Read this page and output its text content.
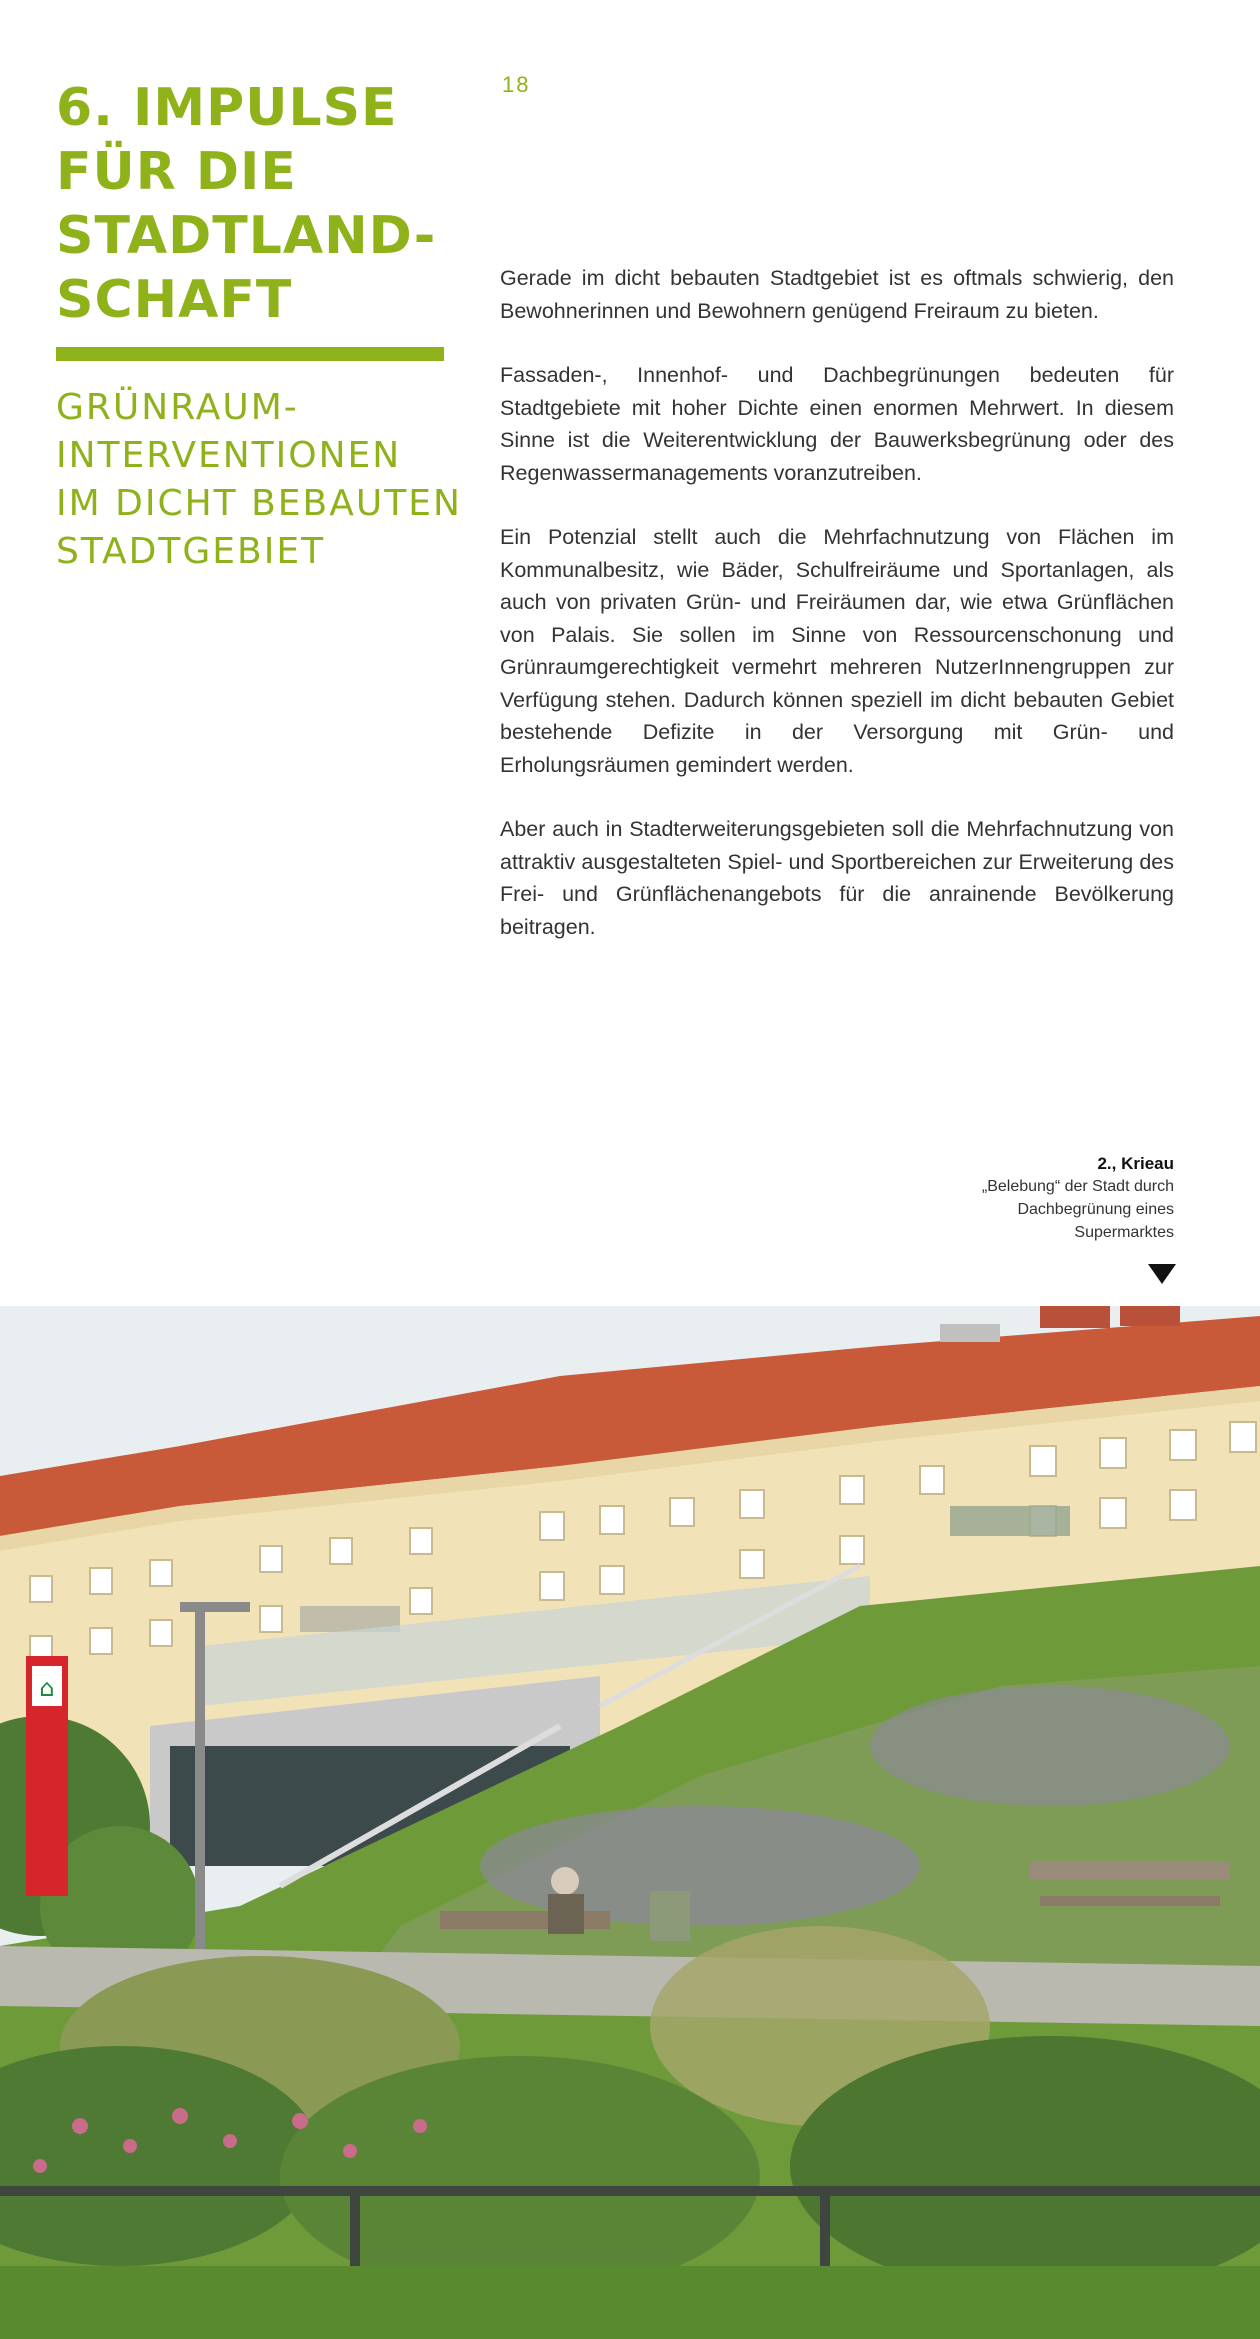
18
6. IMPULSE
FÜR DIE
STADTLAND-
SCHAFT
GRÜNRAUM-
INTERVENTIONEN
IM DICHT BEBAUTEN
STADTGEBIET

Gerade im dicht bebauten Stadtgebiet ist es oftmals schwierig, den Bewohnerinnen und Bewohnern genügend Freiraum zu bieten.

Fassaden-, Innenhof- und Dachbegrünungen bedeuten für Stadtgebiete mit hoher Dichte einen enormen Mehrwert. In diesem Sinne ist die Weiterentwicklung der Bauwerksbegrünung oder des Regenwassermanagements voranzutreiben.

Ein Potenzial stellt auch die Mehrfachnutzung von Flächen im Kommunalbesitz, wie Bäder, Schulfreiräume und Sportanlagen, als auch von privaten Grün- und Freiräumen dar, wie etwa Grünflächen von Palais. Sie sollen im Sinne von Ressourcenschonung und Grünraumgerechtigkeit vermehrt mehreren NutzerInnengruppen zur Verfügung stehen. Dadurch können speziell im dicht bebauten Gebiet bestehende Defizite in der Versorgung mit Grün- und Erholungsräumen gemindert werden.

Aber auch in Stadterweiterungsgebieten soll die Mehrfachnutzung von attraktiv ausgestalteten Spiel- und Sportbereichen zur Erweiterung des Frei- und Grünflächenangebots für die anrainende Bevölkerung beitragen.

2., Krieau
„Belebung“ der Stadt durch
Dachbegrünung eines
Supermarktes
⌂
